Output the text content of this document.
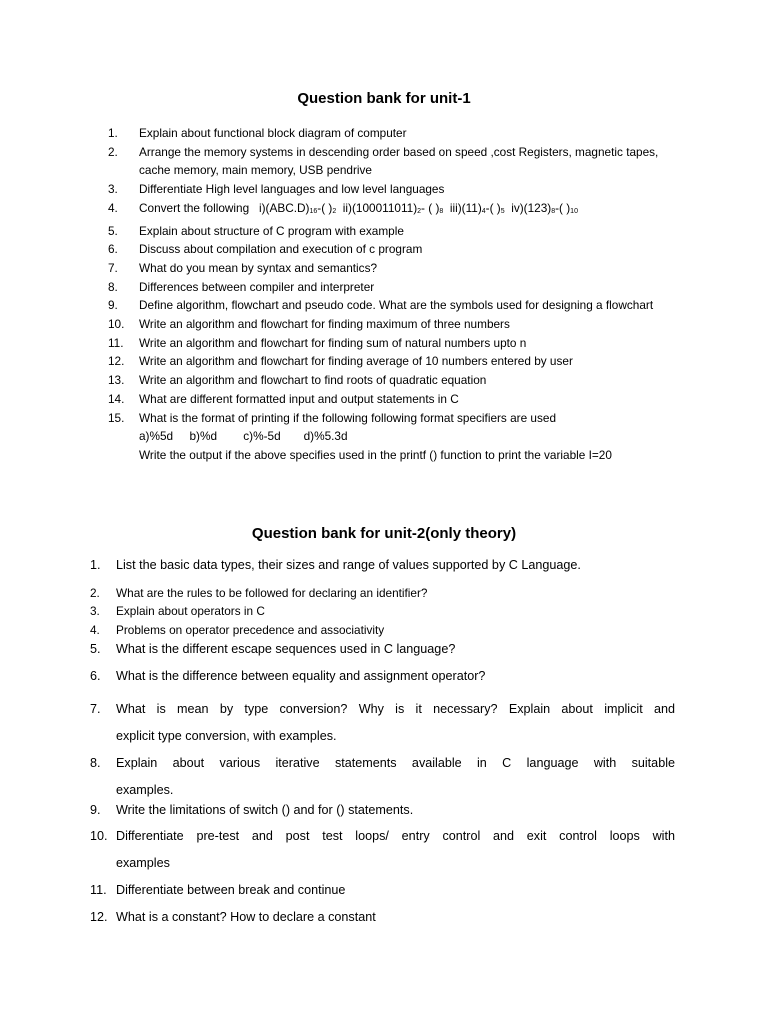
Question bank for unit-1
1.	Explain about functional block diagram of computer
2.	Arrange the memory systems in descending order based on speed ,cost Registers, magnetic tapes, cache memory, main memory, USB pendrive
3.	Differentiate High level languages and low level languages
4.	Convert the following   $i)(ABC.D)_{16}-$( )$_2$  $ii)(100011011)_2-$ ( )$_8$  $iii)(11)_4-$( )$_5$  $iv)(123)_8-$( )$_{10}$
5.	Explain about structure of C program with example
6.	Discuss about compilation and execution of c program
7.	What do you mean by syntax and semantics?
8.	Differences between compiler and interpreter
9.	Define algorithm, flowchart and pseudo code. What are the symbols used for designing a flowchart
10.	Write an algorithm and flowchart for finding maximum of three numbers
11.	Write an algorithm and flowchart for finding sum of natural numbers upto n
12.	Write an algorithm and flowchart for finding average of 10 numbers entered by user
13.	Write an algorithm and flowchart to find roots of quadratic equation
14.	What are different formatted input and output statements in C
15.	What is the format of printing if the following following format specifiers are used

a)%5d
b)%d
c)%-5d
d)%5.3d
Write the output if the above specifies used in the printf () function to print the variable I=20
Question bank for unit-2(only theory)
1.	List the basic data types, their sizes and range of values supported by C Language.
2.	What are the rules to be followed for declaring an identifier?
3.	Explain about operators in C
4.	Problems on operator precedence and associativity
5.	What is the different escape sequences used in C language?
6.	What is the difference between equality and assignment operator?
7.	What is mean by type conversion? Why is it necessary? Explain about implicit and
explicit type conversion, with examples.
8.	Explain about various iterative statements available in C language with suitable
examples.
9.	Write the limitations of switch () and for () statements.
10. Differentiate pre-test and post test loops/ entry control and exit control loops with
examples
11. Differentiate between break and continue
12. What is a constant? How to declare a constant
